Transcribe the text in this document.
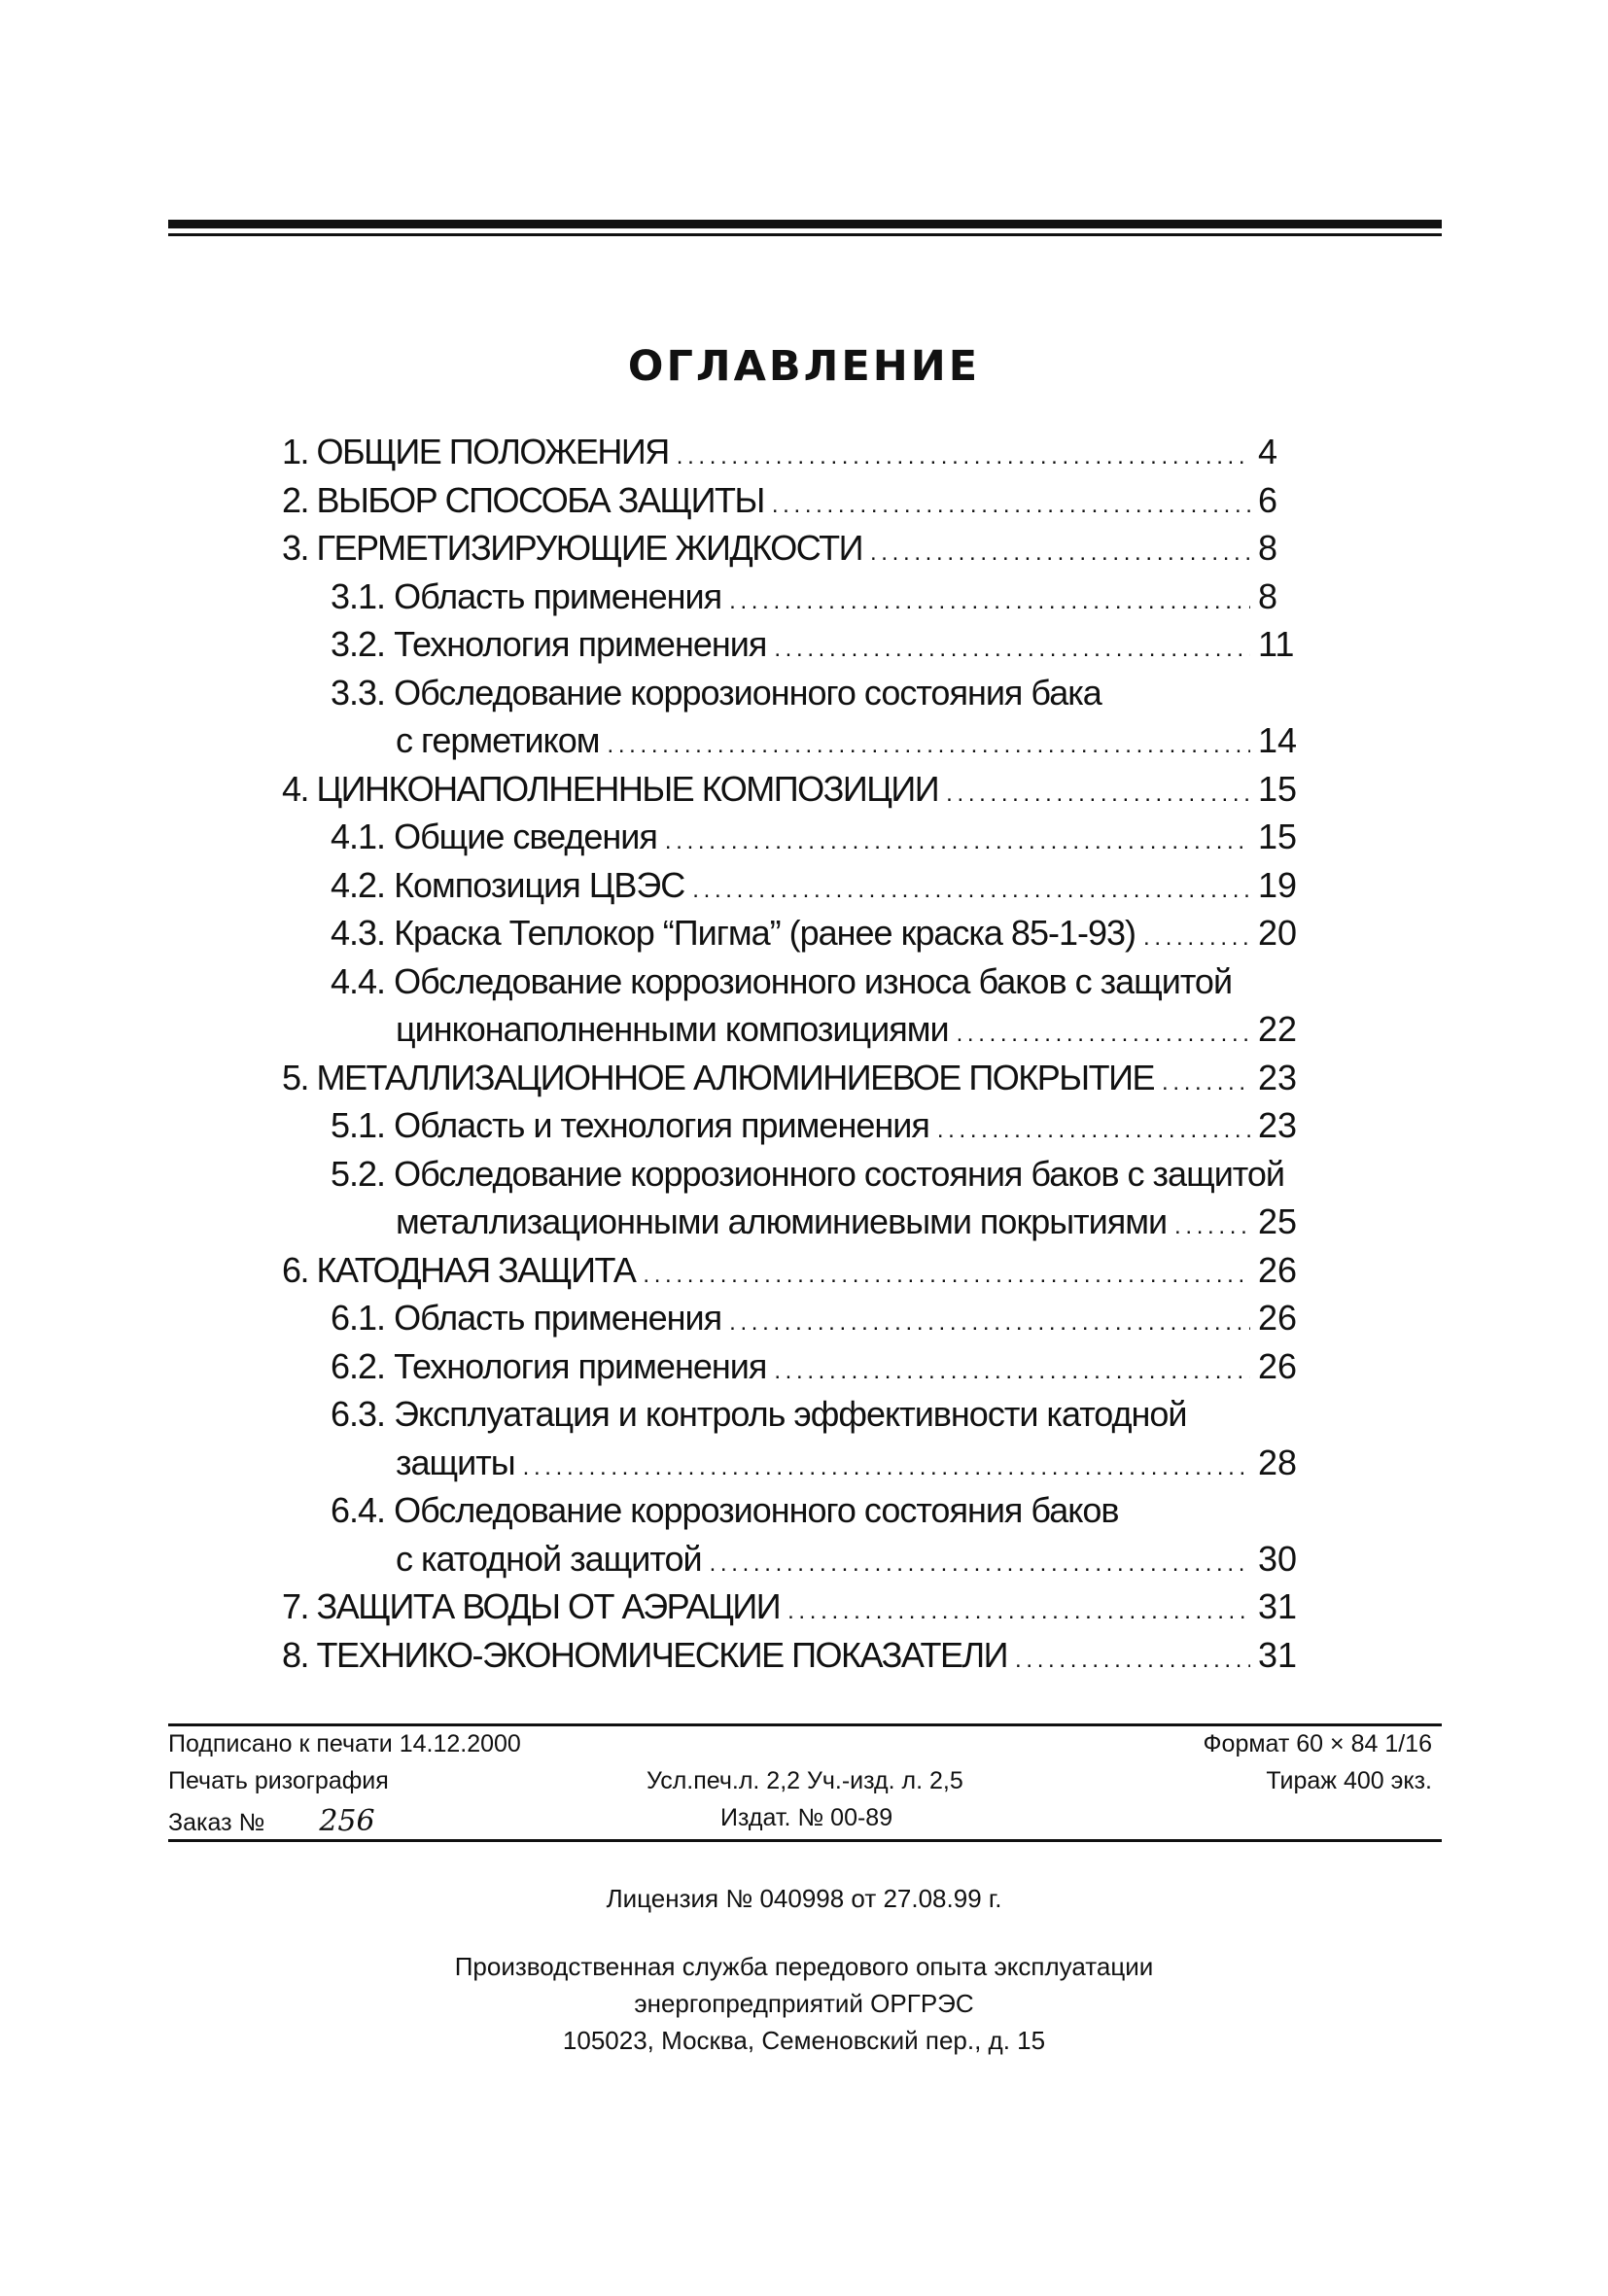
ОГЛАВЛЕНИЕ
1. ОБЩИЕ ПОЛОЖЕНИЯ . . .	4
2. ВЫБОР СПОСОБА ЗАЩИТЫ . . .	6
3. ГЕРМЕТИЗИРУЮЩИЕ ЖИДКОСТИ . . .	8
3.1. Область применения . . .	8
3.2. Технология применения . . .	11
3.3. Обследование коррозионного состояния бака
с герметиком . . .	14
4. ЦИНКОНАПОЛНЕННЫЕ КОМПОЗИЦИИ . . .	15
4.1. Общие сведения . . .	15
4.2. Композиция ЦВЭС . . .	19
4.3. Краска Теплокор “Пигма” (ранее краска 85-1-93) . . .	20
4.4. Обследование коррозионного износа баков с защитой
цинконаполненными композициями . . .	22
5. МЕТАЛЛИЗАЦИОННОЕ АЛЮМИНИЕВОЕ ПОКРЫТИЕ . . .	23
5.1. Область и технология применения . . .	23
5.2. Обследование коррозионного состояния баков с защитой
металлизационными алюминиевыми покрытиями . . .	25
6. КАТОДНАЯ ЗАЩИТА . . .	26
6.1. Область применения . . .	26
6.2. Технология применения . . .	26
6.3. Эксплуатация и контроль эффективности катодной
защиты . . .	28
6.4. Обследование коррозионного состояния баков
с катодной защитой . . .	30
7. ЗАЩИТА ВОДЫ ОТ АЭРАЦИИ . . .	31
8. ТЕХНИКО-ЭКОНОМИЧЕСКИЕ ПОКАЗАТЕЛИ . . .	31
Подписано к печати 14.12.2000	Формат 60 × 84 1/16
Печать ризография	Усл.печ.л. 2,2 Уч.-изд. л. 2,5	Тираж 400 экз.
Заказ № 256	Издат. № 00-89
Лицензия № 040998 от 27.08.99 г.
Производственная служба передового опыта эксплуатации
энергопредприятий ОРГРЭС
105023, Москва, Семеновский пер., д. 15
